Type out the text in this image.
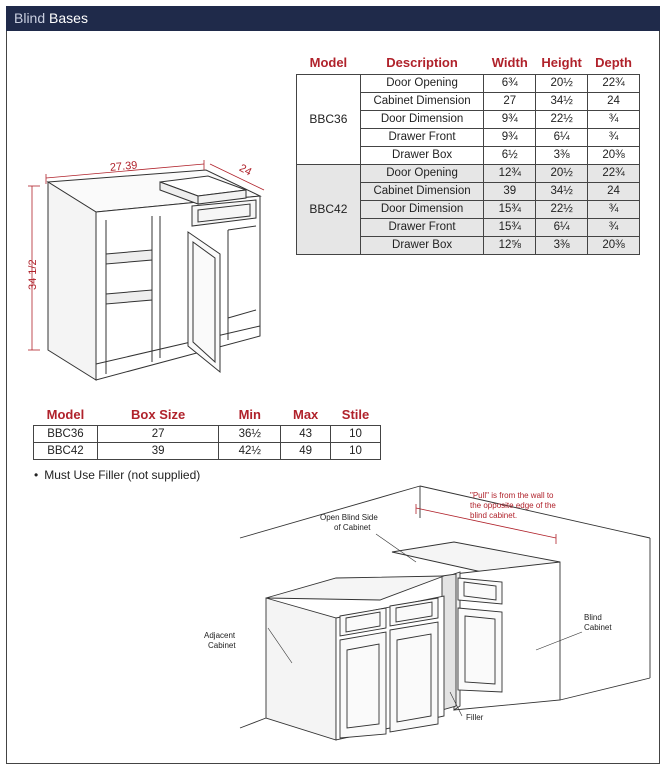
Blind Bases
Model	Description	Width	Height	Depth
BBC36	Door Opening	6¾	20½	22¾
	Cabinet Dimension	27	34½	24
	Door Dimension	9¾	22½	¾
	Drawer Front	9¾	6¼	¾
	Drawer Box	6½	3⅜	20⅜
BBC42	Door Opening	12¾	20½	22¾
	Cabinet Dimension	39	34½	24
	Door Dimension	15¾	22½	¾
	Drawer Front	15¾	6¼	¾
	Drawer Box	12⅝	3⅜	20⅜
27.39	24
34 1/2
Model	Box Size	Min	Max	Stile
BBC36	27	36½	43	10
BBC42	39	42½	49	10
• Must Use Filler (not supplied)
Open Blind Side
of Cabinet
"Pull" is from the wall to
the opposite edge of the
blind cabinet.
Adjacent
Cabinet
Blind
Cabinet
Filler
